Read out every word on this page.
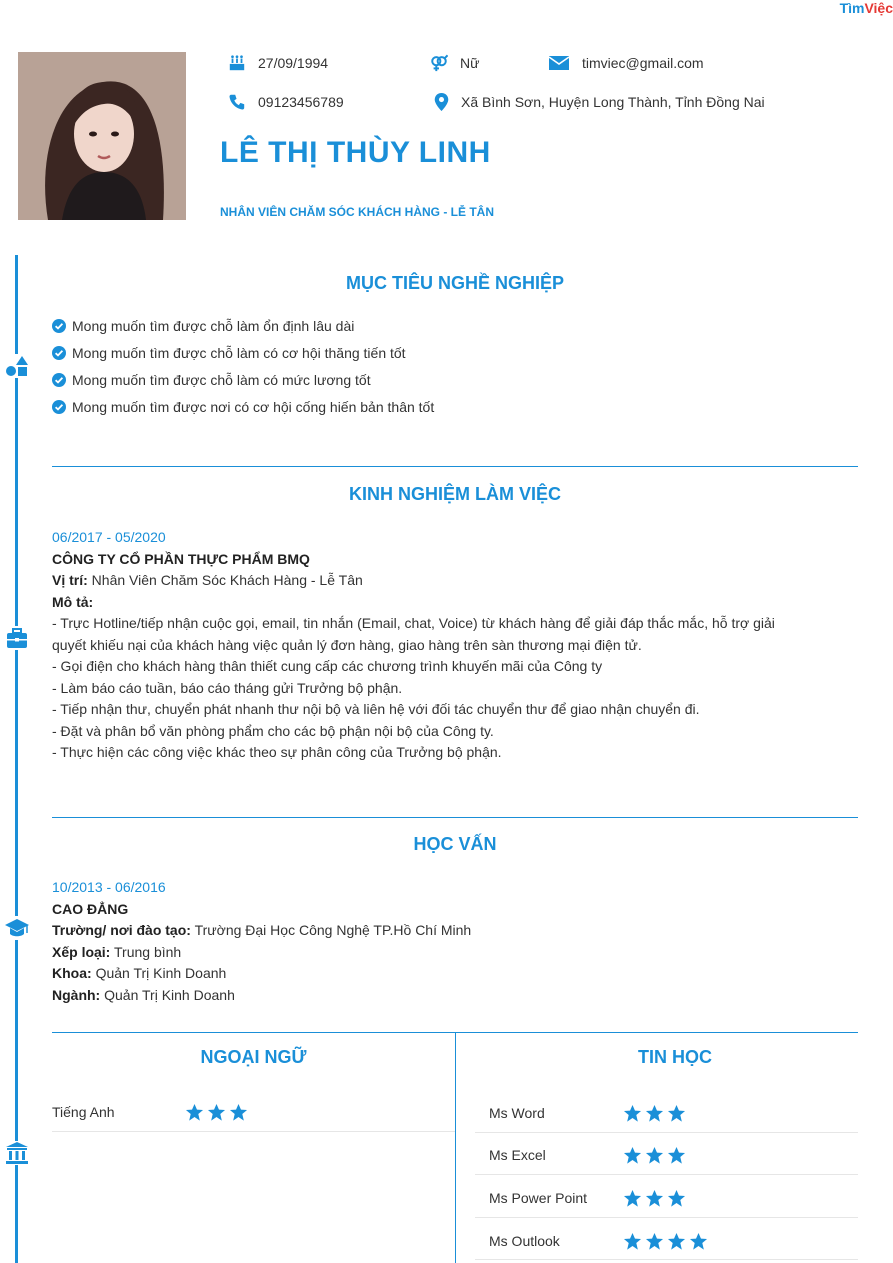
TìmViệc
27/09/1994	Nữ	timviec@gmail.com
09123456789	Xã Bình Sơn, Huyện Long Thành, Tỉnh Đồng Nai
LÊ THỊ THÙY LINH
NHÂN VIÊN CHĂM SÓC KHÁCH HÀNG - LỄ TÂN
MỤC TIÊU NGHỀ NGHIỆP
Mong muốn tìm được chỗ làm ổn định lâu dài
Mong muốn tìm được chỗ làm có cơ hội thăng tiến tốt
Mong muốn tìm được chỗ làm có mức lương tốt
Mong muốn tìm được nơi có cơ hội cống hiến bản thân tốt
KINH NGHIỆM LÀM VIỆC
06/2017 - 05/2020
CÔNG TY CỔ PHẦN THỰC PHẨM BMQ
Vị trí: Nhân Viên Chăm Sóc Khách Hàng - Lễ Tân
Mô tả:
- Trực Hotline/tiếp nhận cuộc gọi, email, tin nhắn (Email, chat, Voice) từ khách hàng để giải đáp thắc mắc, hỗ trợ giải
quyết khiếu nại của khách hàng việc quản lý đơn hàng, giao hàng trên sàn thương mại điện tử.
- Gọi điện cho khách hàng thân thiết cung cấp các chương trình khuyến mãi của Công ty
- Làm báo cáo tuần, báo cáo tháng gửi Trưởng bộ phận.
- Tiếp nhận thư, chuyển phát nhanh thư nội bộ và liên hệ với đối tác chuyển thư để giao nhận chuyển đi.
- Đặt và phân bổ văn phòng phẩm cho các bộ phận nội bộ của Công ty.
- Thực hiện các công việc khác theo sự phân công của Trưởng bộ phận.
HỌC VẤN
10/2013 - 06/2016
CAO ĐẲNG
Trường/ nơi đào tạo: Trường Đại Học Công Nghệ TP.Hồ Chí Minh
Xếp loại: Trung bình
Khoa: Quản Trị Kinh Doanh
Ngành: Quản Trị Kinh Doanh
NGOẠI NGỮ
Tiếng Anh
TIN HỌC
Ms Word
Ms Excel
Ms Power Point
Ms Outlook
